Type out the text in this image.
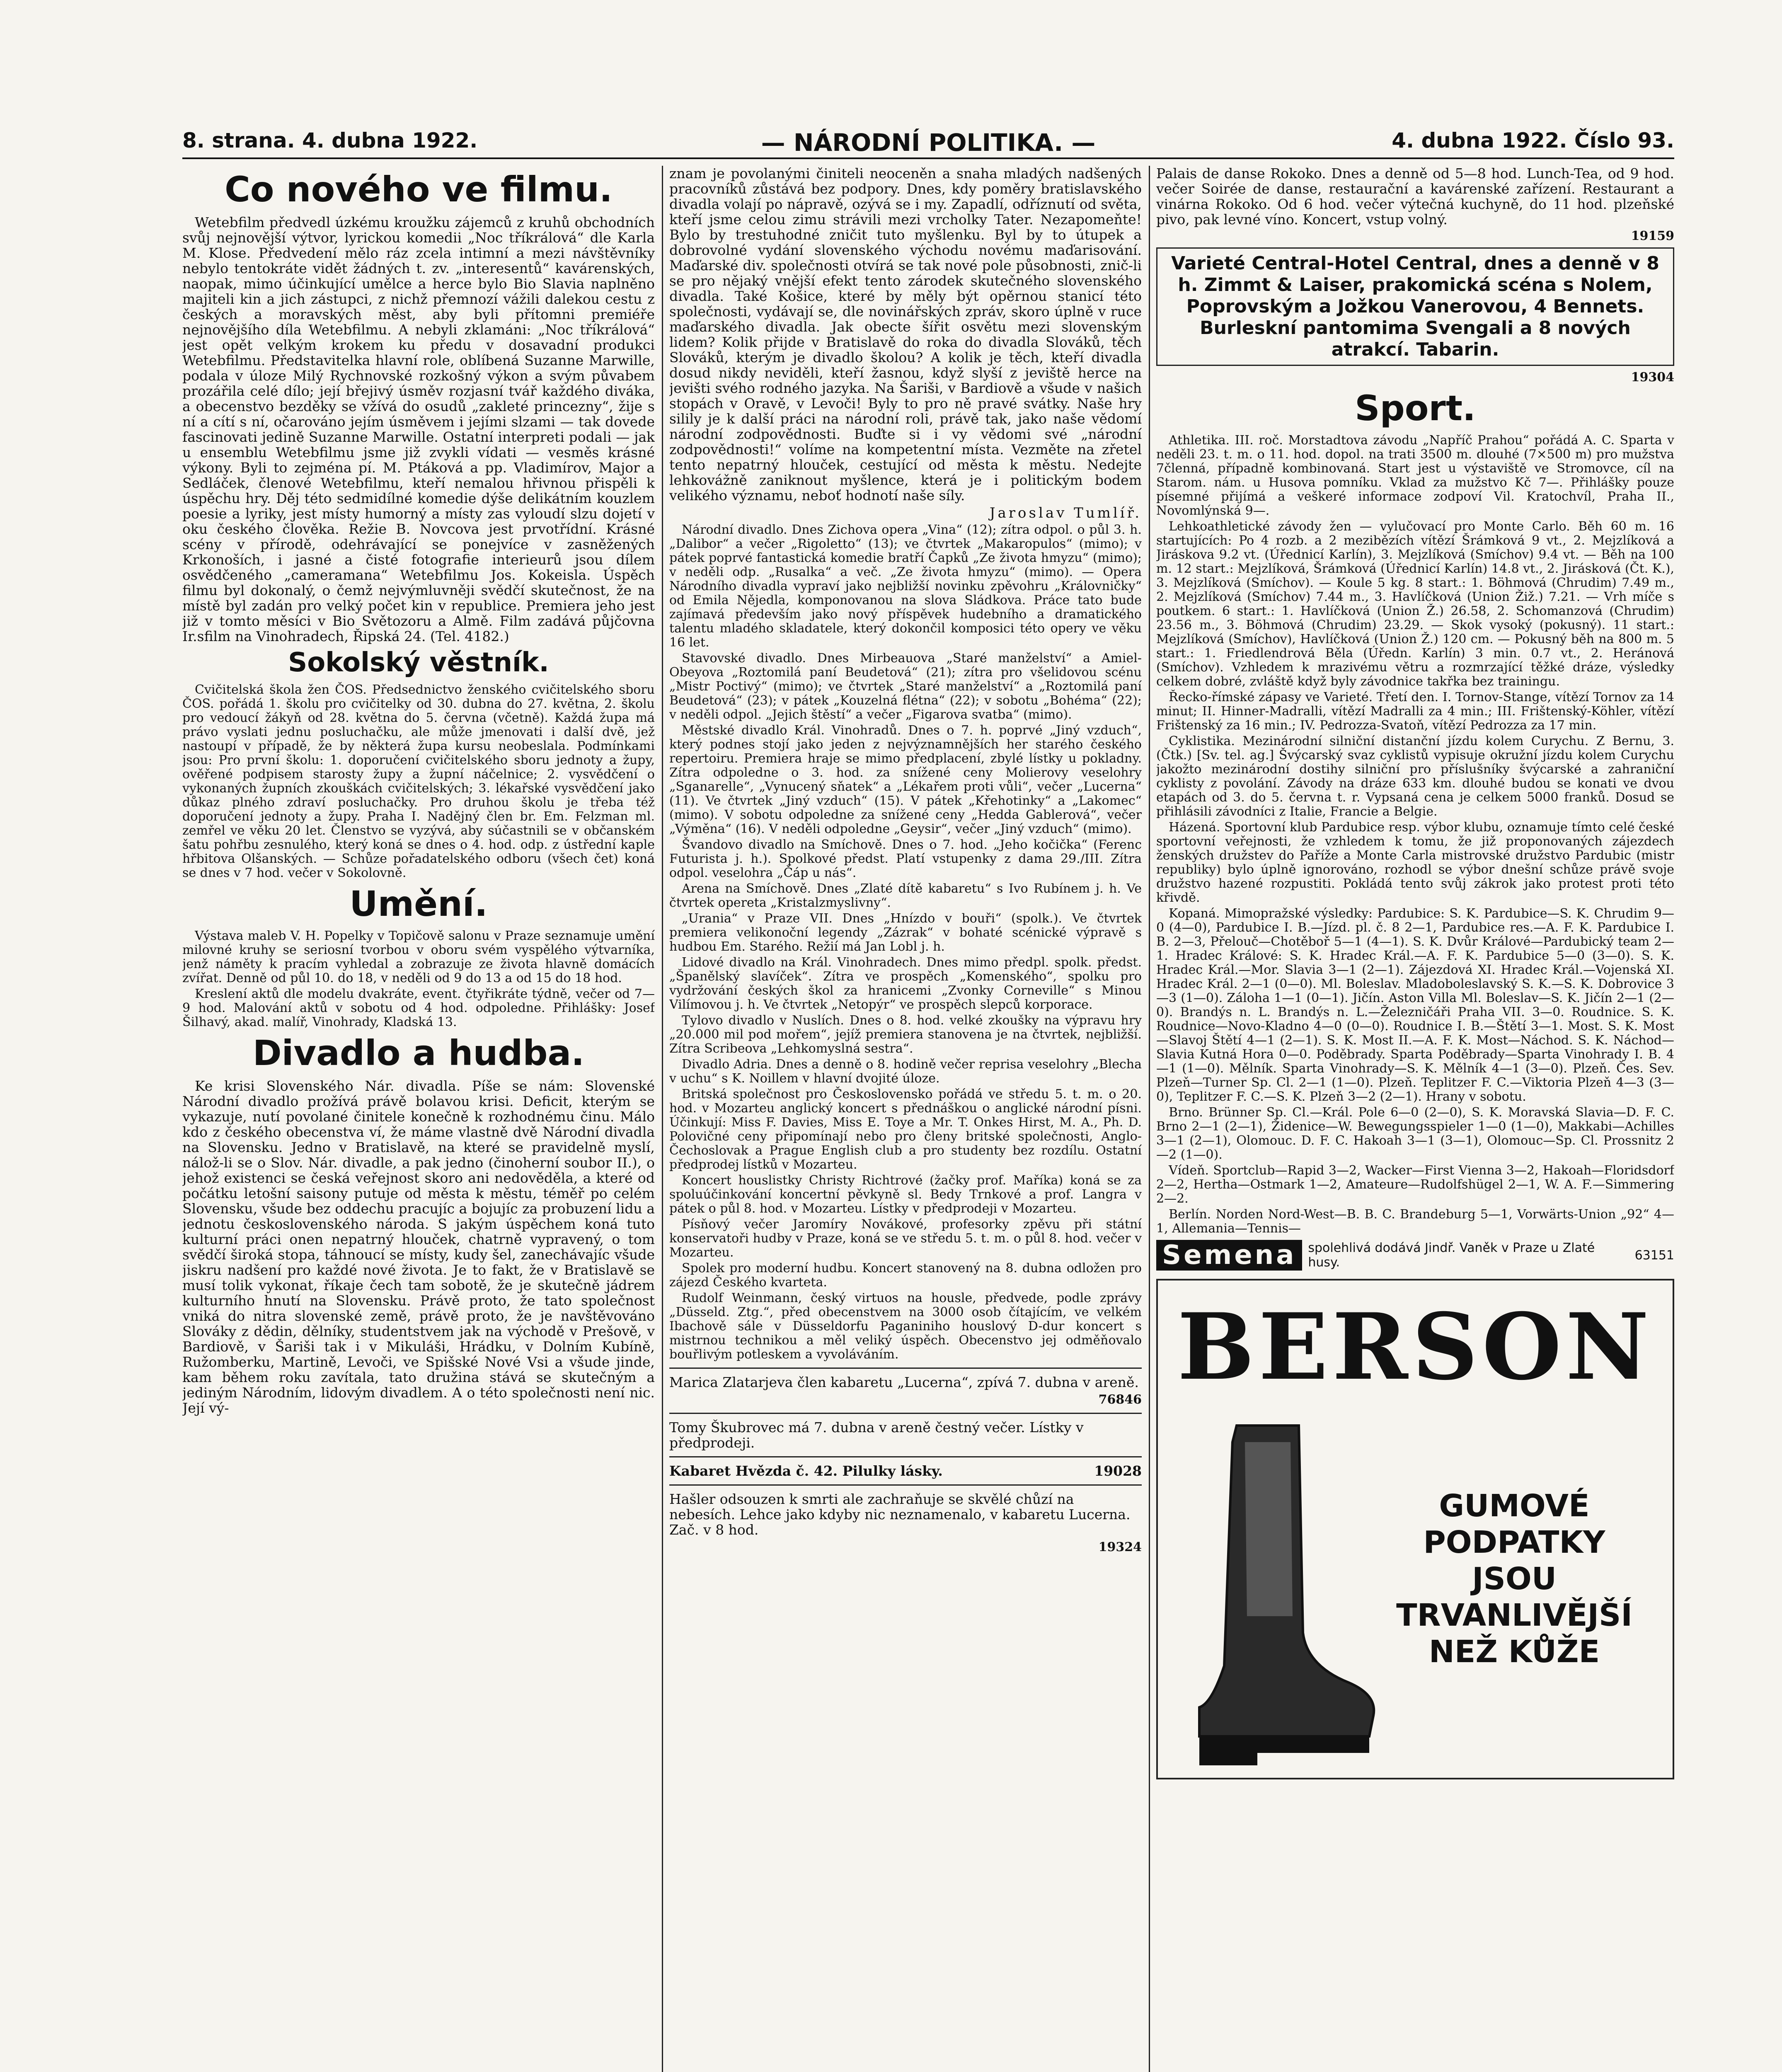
8. strana. 4. dubna 1922.	— NÁRODNÍ POLITIKA. —	4. dubna 1922. Číslo 93.
Co nového ve filmu.

Wetebfilm předvedl úzkému kroužku zájemců z kruhů obchodních svůj nejnovější výtvor, lyrickou komedii „Noc tříkrálová“ dle Karla M. Klose. Předvedení mělo ráz zcela intimní a mezi návštěvníky nebylo tentokráte vidět žádných t. zv. „interesentů“ kavárenských, naopak, mimo účinkující umělce a herce bylo Bio Slavia naplněno majiteli kin a jich zástupci, z nichž přemnozí vážili dalekou cestu z českých a moravských měst, aby byli přítomni premiéře nejnovějšího díla Wetebfilmu. A nebyli zklamáni: „Noc tříkrálová“ jest opět velkým krokem ku předu v dosavadní produkci Wetebfilmu. Představitelka hlavní role, oblíbená Suzanne Marwille, podala v úloze Milý Rychnovské rozkošný výkon a svým půvabem prozářila celé dílo; její břejivý úsměv rozjasní tvář každého diváka, a obecenstvo bezděky se vžívá do osudů „zakleté princezny“, žije s ní a cítí s ní, očarováno jejím úsměvem i jejími slzami — tak dovede fascinovati jedině Suzanne Marwille. Ostatní interpreti podali — jak u ensemblu Wetebfilmu jsme již zvykli vídati — vesměs krásné výkony. Byli to zejména pí. M. Ptáková a pp. Vladimírov, Major a Sedláček, členové Wetebfilmu, kteří nemalou hřivnou přispěli k úspěchu hry. Děj této sedmidílné komedie dýše delikátním kouzlem poesie a lyriky, jest místy humorný a místy zas vyloudí slzu dojetí v oku českého člověka. Režie B. Novcova jest prvotřídní. Krásné scény v přírodě, odehrávající se ponejvíce v zasněžených Krkonoších, i jasné a čisté fotografie interieurů jsou dílem osvědčeného „cameramana“ Wetebfilmu Jos. Kokeisla. Úspěch filmu byl dokonalý, o čemž nejvýmluvněji svědčí skutečnost, že na místě byl zadán pro velký počet kin v republice. Premiera jeho jest již v tomto měsíci v Bio Světozoru a Almě. Film zadává půjčovna Ir.sfilm na Vinohradech, Řipská 24. (Tel. 4182.)

Sokolský věstník.

Cvičitelská škola žen ČOS. Předsednictvo ženského cvičitelského sboru ČOS. pořádá 1. školu pro cvičitelky od 30. dubna do 27. května, 2. školu pro vedoucí žákyň od 28. května do 5. června (včetně). Každá župa má právo vyslati jednu posluchačku, ale může jmenovati i další dvě, jež nastoupí v případě, že by některá župa kursu neobeslala. Podmínkami jsou: Pro první školu: 1. doporučení cvičitelského sboru jednoty a župy, ověřené podpisem starosty župy a župní náčelnice; 2. vysvědčení o vykonaných župních zkouškách cvičitelských; 3. lékařské vysvědčení jako důkaz plného zdraví posluchačky. Pro druhou školu je třeba též doporučení jednoty a župy. Praha I. Nadějný člen br. Em. Felzman ml. zemřel ve věku 20 let. Členstvo se vyzývá, aby súčastnili se v občanském šatu pohřbu zesnulého, který koná se dnes o 4. hod. odp. z ústřední kaple hřbitova Olšanských. — Schůze pořadatelského odboru (všech čet) koná se dnes v 7 hod. večer v Sokolovně.

Umění.

Výstava maleb V. H. Popelky v Topičově salonu v Praze seznamuje umění milovné kruhy se seriosní tvorbou v oboru svém vyspělého výtvarníka, jenž náměty k pracím vyhledal a zobrazuje ze života hlavně domácích zvířat. Denně od půl 10. do 18, v neděli od 9 do 13 a od 15 do 18 hod.

Kreslení aktů dle modelu dvakráte, event. čtyřikráte týdně, večer od 7—9 hod. Malování aktů v sobotu od 4 hod. odpoledne. Přihlášky: Josef Šilhavý, akad. malíř, Vinohrady, Kladská 13.

Divadlo a hudba.

Ke krisi Slovenského Nár. divadla. Píše se nám: Slovenské Národní divadlo prožívá právě bolavou krisi. Deficit, kterým se vykazuje, nutí povolané činitele konečně k rozhodnému činu. Málo kdo z českého obecenstva ví, že máme vlastně dvě Národní divadla na Slovensku. Jedno v Bratislavě, na které se pravidelně myslí, nálož-li se o Slov. Nár. divadle, a pak jedno (činoherní soubor II.), o jehož existenci se česká veřejnost skoro ani nedověděla, a které od počátku letošní saisony putuje od města k městu, téměř po celém Slovensku, všude bez oddechu pracujíc a bojujíc za probuzení lidu a jednotu československého národa. S jakým úspěchem koná tuto kulturní práci onen nepatrný hlouček, chatrně vypravený, o tom svědčí široká stopa, táhnoucí se místy, kudy šel, zanechávajíc všude jiskru nadšení pro každé nové života. Je to fakt, že v Bratislavě se musí tolik vykonat, říkaje čech tam sobotě, že je skutečně jádrem kulturního hnutí na Slovensku. Právě proto, že tato společnost vniká do nitra slovenské země, právě proto, že je navštěvováno Slováky z dědin, dělníky, studentstvem jak na východě v Prešově, v Bardiově, v Šariši tak i v Mikuláši, Hrádku, v Dolním Kubíně, Ružomberku, Martině, Levoči, ve Spišské Nové Vsi a všude jinde, kam během roku zavítala, tato družina stává se skutečným a jediným Národním, lidovým divadlem. A o této společnosti není nic. Její vý-

znam je povolanými činiteli neoceněn a snaha mladých nadšených pracovníků zůstává bez podpory. Dnes, kdy poměry bratislavského divadla volají po nápravě, ozývá se i my. Zapadlí, odříznutí od světa, kteří jsme celou zimu strávili mezi vrcholky Tater. Nezapomeňte! Bylo by trestuhodné zničit tuto myšlenku. Byl by to útupek a dobrovolné vydání slovenského východu novému maďarisování. Maďarské div. společnosti otvírá se tak nové pole působnosti, znič-li se pro nějaký vnější efekt tento zárodek skutečného slovenského divadla. Také Košice, které by měly být opěrnou stanicí této společnosti, vydávají se, dle novinářských zpráv, skoro úplně v ruce maďarského divadla. Jak obecte šířit osvětu mezi slovenským lidem? Kolik přijde v Bratislavě do roka do divadla Slováků, těch Slováků, kterým je divadlo školou? A kolik je těch, kteří divadla dosud nikdy neviděli, kteří žasnou, když slyší z jeviště herce na jevišti svého rodného jazyka. Na Šariši, v Bardiově a všude v našich stopách v Oravě, v Levoči! Byly to pro ně pravé svátky. Naše hry silily je k další práci na národní roli, právě tak, jako naše vědomí národní zodpovědnosti. Buďte si i vy vědomi své „národní zodpovědnosti!“ volíme na kompetentní místa. Vezměte na zřetel tento nepatrný hlouček, cestující od města k městu. Nedejte lehkovážně zaniknout myšlence, která je i politickým bodem velikého významu, neboť hodnotí naše síly.

Jaroslav Tumlíř.

Národní divadlo. Dnes Zichova opera „Vina“ (12); zítra odpol. o půl 3. h. „Dalibor“ a večer „Rigoletto“ (13); ve čtvrtek „Makaropulos“ (mimo); v pátek poprvé fantastická komedie bratří Čapků „Ze života hmyzu“ (mimo); v neděli odp. „Rusalka“ a več. „Ze života hmyzu“ (mimo). — Opera Národního divadla vypraví jako nejbližší novinku zpěvohru „Královničky“ od Emila Nějedla, komponovanou na slova Sládkova. Práce tato bude zajímavá především jako nový příspěvek hudebního a dramatického talentu mladého skladatele, který dokončil komposici této opery ve věku 16 let.

Stavovské divadlo. Dnes Mirbeauova „Staré manželství“ a Amiel-Obeyova „Roztomilá paní Beudetová“ (21); zítra pro všelidovou scénu „Mistr Poctivý“ (mimo); ve čtvrtek „Staré manželství“ a „Roztomilá paní Beudetová“ (23); v pátek „Kouzelná flétna“ (22); v sobotu „Bohéma“ (22); v neděli odpol. „Jejich štěstí“ a večer „Figarova svatba“ (mimo).

Městské divadlo Král. Vinohradů. Dnes o 7. h. poprvé „Jiný vzduch“, který podnes stojí jako jeden z nejvýznamnějších her starého českého repertoiru. Premiera hraje se mimo předplacení, zbylé lístky u pokladny. Zítra odpoledne o 3. hod. za snížené ceny Molierovy veselohry „Sganarelle“, „Vynucený sňatek“ a „Lékařem proti vůli“, večer „Lucerna“ (11). Ve čtvrtek „Jiný vzduch“ (15). V pátek „Křehotinky“ a „Lakomec“ (mimo). V sobotu odpoledne za snížené ceny „Hedda Gablerová“, večer „Výměna“ (16). V neděli odpoledne „Geysir“, večer „Jiný vzduch“ (mimo).

Švandovo divadlo na Smíchově. Dnes o 7. hod. „Jeho kočička“ (Ferenc Futurista j. h.). Spolkové předst. Platí vstupenky z dama 29./III. Zítra odpol. veselohra „Čáp u nás“.

Arena na Smíchově. Dnes „Zlaté dítě kabaretu“ s Ivo Rubínem j. h. Ve čtvrtek opereta „Kristalzmyslivny“.

„Urania“ v Praze VII. Dnes „Hnízdo v bouři“ (spolk.). Ve čtvrtek premiera velikonoční legendy „Zázrak“ v bohaté scénické výpravě s hudbou Em. Starého. Režií má Jan Lobl j. h.

Lidové divadlo na Král. Vinohradech. Dnes mimo předpl. spolk. předst. „Španělský slavíček“. Zítra ve prospěch „Komenského“, spolku pro vydržování českých škol za hranicemi „Zvonky Corneville“ s Minou Vilímovou j. h. Ve čtvrtek „Netopýr“ ve prospěch slepců korporace.

Tylovo divadlo v Nuslích. Dnes o 8. hod. velké zkoušky na výpravu hry „20.000 mil pod mořem“, jejíž premiera stanovena je na čtvrtek, nejbližší. Zítra Scribeova „Lehkomyslná sestra“.

Divadlo Adria. Dnes a denně o 8. hodině večer reprisa veselohry „Blecha v uchu“ s K. Noillem v hlavní dvojité úloze.

Britská společnost pro Československo pořádá ve středu 5. t. m. o 20. hod. v Mozarteu anglický koncert s přednáškou o anglické národní písni. Účinkují: Miss F. Davies, Miss E. Toye a Mr. T. Onkes Hirst, M. A., Ph. D. Polovičné ceny připomínají nebo pro členy britské společnosti, Anglo-Čechoslovak a Prague English club a pro studenty bez rozdílu. Ostatní předprodej lístků v Mozarteu.

Koncert houslistky Christy Richtrové (žačky prof. Maříka) koná se za spoluúčinkování koncertní pěvkyně sl. Bedy Trnkové a prof. Langra v pátek o půl 8. hod. v Mozarteu. Lístky v předprodeji v Mozarteu.

Písňový večer Jaromíry Novákové, profesorky zpěvu při státní konservatoři hudby v Praze, koná se ve středu 5. t. m. o půl 8. hod. večer v Mozarteu.

Spolek pro moderní hudbu. Koncert stanovený na 8. dubna odložen pro zájezd Českého kvarteta.

Rudolf Weinmann, český virtuos na housle, předvede, podle zprávy „Düsseld. Ztg.“, před obecenstvem na 3000 osob čítajícím, ve velkém Ibachově sále v Düsseldorfu Paganiniho houslový D-dur koncert s mistrnou technikou a měl veliký úspěch. Obecenstvo jej odměňovalo bouřlivým potleskem a vyvoláváním.

Marica Zlatarjeva člen kabaretu „Lucerna“, zpívá 7. dubna v areně.

76846

Tomy Škubrovec má 7. dubna v areně čestný večer. Lístky v předprodeji.

Kabaret Hvězda č. 42. Pilulky lásky.	19028

Hašler odsouzen k smrti ale zachraňuje se skvělé chůzí na nebesích. Lehce jako kdyby nic neznamenalo, v kabaretu Lucerna. Zač. v 8 hod.

19324

Palais de danse Rokoko. Dnes a denně od 5—8 hod. Lunch-Tea, od 9 hod. večer Soirée de danse, restaurační a kavárenské zařízení. Restaurant a vinárna Rokoko. Od 6 hod. večer výtečná kuchyně, do 11 hod. plzeňské pivo, pak levné víno. Koncert, vstup volný.

19159
Varieté Central-Hotel Central, dnes a denně v 8 h. Zimmt & Laiser, prakomická scéna s Nolem, Poprovským a Jožkou Vanerovou, 4 Bennets. Burleskní pantomima Svengali a 8 nových atrakcí. Tabarin.
19304
Sport.

Athletika. III. roč. Morstadtova závodu „Napříč Prahou“ pořádá A. C. Sparta v neděli 23. t. m. o 11. hod. dopol. na trati 3500 m. dlouhé (7×500 m) pro mužstva 7členná, případně kombinovaná. Start jest u výstaviště ve Stromovce, cíl na Starom. nám. u Husova pomníku. Vklad za mužstvo Kč 7—. Přihlášky pouze písemné přijímá a veškeré informace zodpoví Vil. Kratochvíl, Praha II., Novomlýnská 9—.

Lehkoathletické závody žen — vylučovací pro Monte Carlo. Běh 60 m. 16 startujících: Po 4 rozb. a 2 mezibězích vítězí Šrámková 9 vt., 2. Mejzlíková a Jiráskova 9.2 vt. (Úřednicí Karlín), 3. Mejzlíková (Smíchov) 9.4 vt. — Běh na 100 m. 12 start.: Mejzlíková, Šrámková (Úřednicí Karlín) 14.8 vt., 2. Jirásková (Čt. K.), 3. Mejzlíková (Smíchov). — Koule 5 kg. 8 start.: 1. Böhmová (Chrudim) 7.49 m., 2. Mejzlíková (Smíchov) 7.44 m., 3. Havlíčková (Union Žiž.) 7.21. — Vrh míče s poutkem. 6 start.: 1. Havlíčková (Union Ž.) 26.58, 2. Schomanzová (Chrudim) 23.56 m., 3. Böhmová (Chrudim) 23.29. — Skok vysoký (pokusný). 11 start.: Mejzlíková (Smíchov), Havlíčková (Union Ž.) 120 cm. — Pokusný běh na 800 m. 5 start.: 1. Friedlendrová Běla (Úředn. Karlín) 3 min. 0.7 vt., 2. Heránová (Smíchov). Vzhledem k mrazivému větru a rozmrzající těžké dráze, výsledky celkem dobré, zvláště když byly závodnice takřka bez trainingu.

Řecko-římské zápasy ve Varieté. Třetí den. I. Tornov-Stange, vítězí Tornov za 14 minut; II. Hinner-Madralli, vítězí Madralli za 4 min.; III. Frištenský-Köhler, vítězí Frištenský za 16 min.; IV. Pedrozza-Svatoň, vítězí Pedrozza za 17 min.

Cyklistika. Mezinárodní silniční distanční jízdu kolem Curychu. Z Bernu, 3. (Čtk.) [Sv. tel. ag.] Švýcarský svaz cyklistů vypisuje okružní jízdu kolem Curychu jakožto mezinárodní dostihy silniční pro příslušníky švýcarské a zahraniční cyklisty z povolání. Závody na dráze 633 km. dlouhé budou se konati ve dvou etapách od 3. do 5. června t. r. Vypsaná cena je celkem 5000 franků. Dosud se přihlásili závodníci z Italie, Francie a Belgie.

Házená. Sportovní klub Pardubice resp. výbor klubu, oznamuje tímto celé české sportovní veřejnosti, že vzhledem k tomu, že již proponovaných zájezdech ženských družstev do Paříže a Monte Carla mistrovské družstvo Pardubic (mistr republiky) bylo úplně ignorováno, rozhodl se výbor dnešní schůze právě svoje družstvo hazené rozpustiti. Pokládá tento svůj zákrok jako protest proti této křivdě.

Kopaná. Mimopražské výsledky: Pardubice: S. K. Pardubice—S. K. Chrudim 9—0 (4—0), Pardubice I. B.—Jízd. pl. č. 8 2—1, Pardubice res.—A. F. K. Pardubice I. B. 2—3, Přelouč—Chotěboř 5—1 (4—1). S. K. Dvůr Králové—Pardubický team 2—1. Hradec Králové: S. K. Hradec Král.—A. F. K. Pardubice 5—0 (3—0). S. K. Hradec Král.—Mor. Slavia 3—1 (2—1). Zájezdová XI. Hradec Král.—Vojenská XI. Hradec Král. 2—1 (0—0). Ml. Boleslav. Mladoboleslavský S. K.—S. K. Dobrovice 3—3 (1—0). Záloha 1—1 (0—1). Jičín. Aston Villa Ml. Boleslav—S. K. Jičín 2—1 (2—0). Brandýs n. L. Brandýs n. L.—Železničáři Praha VII. 3—0. Roudnice. S. K. Roudnice—Novo-Kladno 4—0 (0—0). Roudnice I. B.—Štětí 3—1. Most. S. K. Most—Slavoj Štětí 4—1 (2—1). S. K. Most II.—A. F. K. Most—Náchod. S. K. Náchod—Slavia Kutná Hora 0—0. Poděbrady. Sparta Poděbrady—Sparta Vinohrady I. B. 4—1 (1—0). Mělník. Sparta Vinohrady—S. K. Mělník 4—1 (3—0). Plzeň. Čes. Sev. Plzeň—Turner Sp. Cl. 2—1 (1—0). Plzeň. Teplitzer F. C.—Viktoria Plzeň 4—3 (3—0), Teplitzer F. C.—S. K. Plzeň 3—2 (2—1). Hrany v sobotu.

Brno. Brünner Sp. Cl.—Král. Pole 6—0 (2—0), S. K. Moravská Slavia—D. F. C. Brno 2—1 (2—1), Židenice—W. Bewegungsspieler 1—0 (1—0), Makkabi—Achilles 3—1 (2—1), Olomouc. D. F. C. Hakoah 3—1 (3—1), Olomouc—Sp. Cl. Prossnitz 2—2 (1—0).

Vídeň. Sportclub—Rapid 3—2, Wacker—First Vienna 3—2, Hakoah—Floridsdorf 2—2, Hertha—Ostmark 1—2, Amateure—Rudolfshügel 2—1, W. A. F.—Simmering 2—2.

Berlín. Norden Nord-West—B. B. C. Brandeburg 5—1, Vorwärts-Union „92“ 4—1, Allemania—Tennis—

Semena spolehlivá dodává Jindř. Vaněk v Praze u Zlaté husy.	63151
BERSON
GUMOVÉ PODPATKY JSOU TRVANLIVĚJŠÍ NEŽ KŮŽE
